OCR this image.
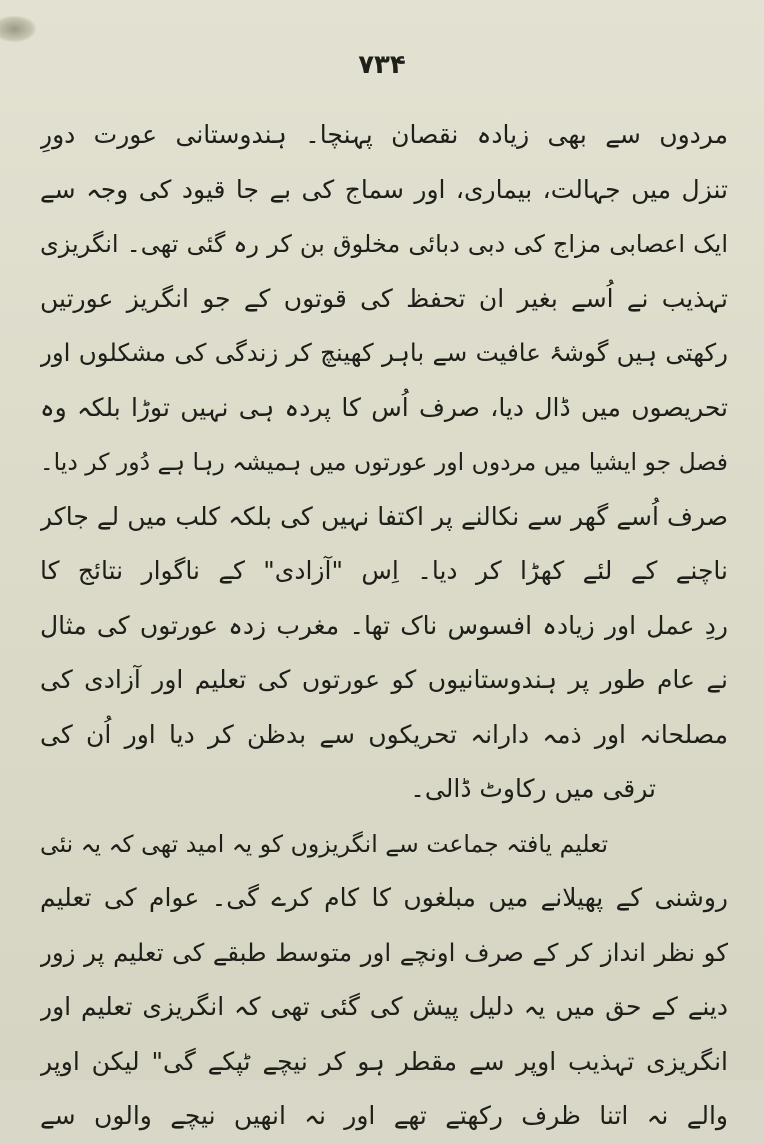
۷۳۴
مردوں سے بھی زیادہ نقصان پہنچا۔ ہندوستانی عورت دورِ
تنزل میں جہالت، بیماری، اور سماج کی بے جا قیود کی وجہ سے
ایک اعصابی مزاج کی دبی دبائی مخلوق بن کر رہ گئی تھی۔ انگریزی
تہذیب نے اُسے بغیر ان تحفظ کی قوتوں کے جو انگریز عورتیں
رکھتی ہیں گوشۂ عافیت سے باہر کھینچ کر زندگی کی مشکلوں اور
تحریصوں میں ڈال دیا، صرف اُس کا پردہ ہی نہیں توڑا بلکہ وہ
فصل جو ایشیا میں مردوں اور عورتوں میں ہمیشہ رہا ہے دُور کر دیا۔
صرف اُسے گھر سے نکالنے پر اکتفا نہیں کی بلکہ کلب میں لے جاکر
ناچنے کے لئے کھڑا کر دیا۔ اِس "آزادی" کے ناگوار نتائج کا
ردِ عمل اور زیادہ افسوس ناک تھا۔ مغرب زدہ عورتوں کی مثال
نے عام طور پر ہندوستانیوں کو عورتوں کی تعلیم اور آزادی کی
مصلحانہ اور ذمہ دارانہ تحریکوں سے بدظن کر دیا اور اُن کی
ترقی میں رکاوٹ ڈالی۔
تعلیم یافتہ جماعت سے انگریزوں کو یہ امید تھی کہ یہ نئی
روشنی کے پھیلانے میں مبلغوں کا کام کرے گی۔ عوام کی تعلیم
کو نظر انداز کر کے صرف اونچے اور متوسط طبقے کی تعلیم پر زور
دینے کے حق میں یہ دلیل پیش کی گئی تھی کہ انگریزی تعلیم اور
انگریزی تہذیب اوپر سے مقطر ہو کر نیچے ٹپکے گی" لیکن اوپر
والے نہ اتنا ظرف رکھتے تھے اور نہ انھیں نیچے والوں سے
